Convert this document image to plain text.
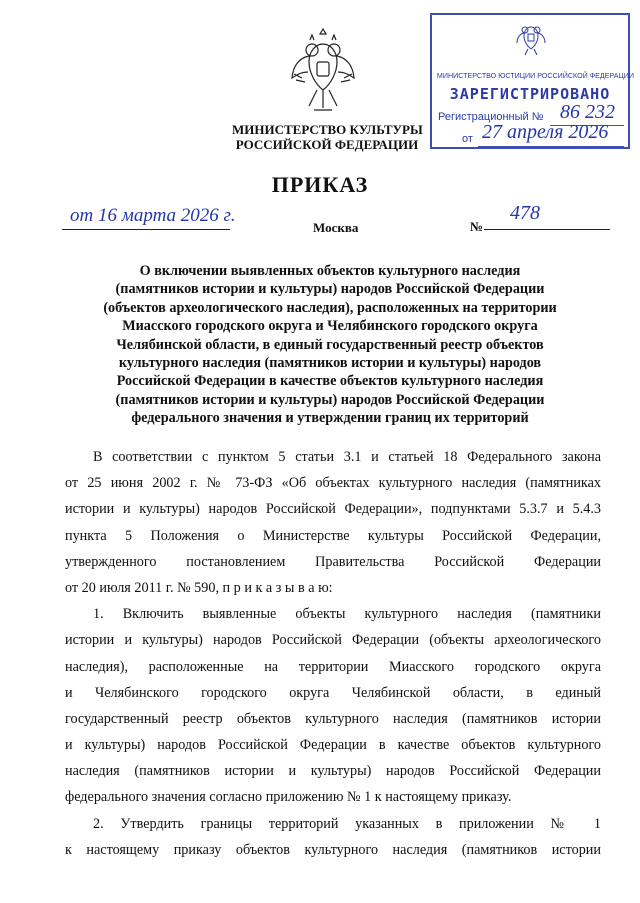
МИНИСТЕРСТВО КУЛЬТУРЫ
РОССИЙСКОЙ ФЕДЕРАЦИИ
МИНИСТЕРСТВО ЮСТИЦИИ РОССИЙСКОЙ ФЕДЕРАЦИИ
ЗАРЕГИСТРИРОВАНО
Регистрационный № 86 232
от 27 апреля 2026
ПРИКАЗ
от 16 марта 2026 г.
Москва	№
478
О включении выявленных объектов культурного наследия
(памятников истории и культуры) народов Российской Федерации
(объектов археологического наследия), расположенных на территории
Миасского городского округа и Челябинского городского округа
Челябинской области, в единый государственный реестр объектов
культурного наследия (памятников истории и культуры) народов
Российской Федерации в качестве объектов культурного наследия
(памятников истории и культуры) народов Российской Федерации
федерального значения и утверждении границ их территорий
В соответствии с пунктом 5 статьи 3.1 и статьей 18 Федерального закона
от 25 июня 2002 г. № 73-ФЗ «Об объектах культурного наследия (памятниках
истории и культуры) народов Российской Федерации», подпунктами 5.3.7 и 5.4.3
пункта 5 Положения о Министерстве культуры Российской Федерации,
утвержденного постановлением Правительства Российской Федерации
от 20 июля 2011 г. № 590, п р и к а з ы в а ю:
1. Включить выявленные объекты культурного наследия (памятники
истории и культуры) народов Российской Федерации (объекты археологического
наследия), расположенные на территории Миасского городского округа
и Челябинского городского округа Челябинской области, в единый
государственный реестр объектов культурного наследия (памятников истории
и культуры) народов Российской Федерации в качестве объектов культурного
наследия (памятников истории и культуры) народов Российской Федерации
федерального значения согласно приложению № 1 к настоящему приказу.
2. Утвердить границы территорий указанных в приложении № 1
к настоящему приказу объектов культурного наследия (памятников истории
